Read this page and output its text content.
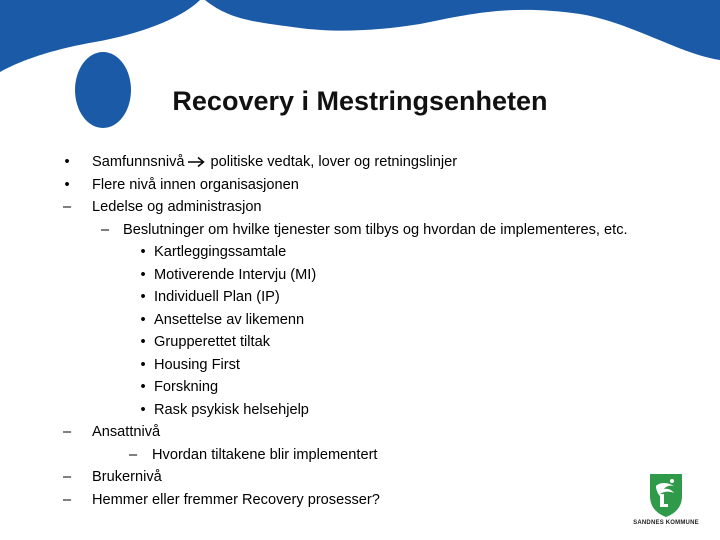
Recovery i Mestringsenheten
•	Samfunnsnivå politiske vedtak, lover og retningslinjer
•	Flere nivå innen organisasjonen
–	Ledelse og administrasjon
– Beslutninger om hvilke tjenester som tilbys og hvordan de implementeres, etc.
• Kartleggingssamtale
• Motiverende Intervju (MI)
• Individuell Plan (IP)
• Ansettelse av likemenn
• Grupperettet tiltak
• Housing First
• Forskning
• Rask psykisk helsehjelp
–	Ansattnivå
–	Hvordan tiltakene blir implementert
–	Brukernivå
–	Hemmer eller fremmer Recovery prosesser?
SANDNES KOMMUNE
